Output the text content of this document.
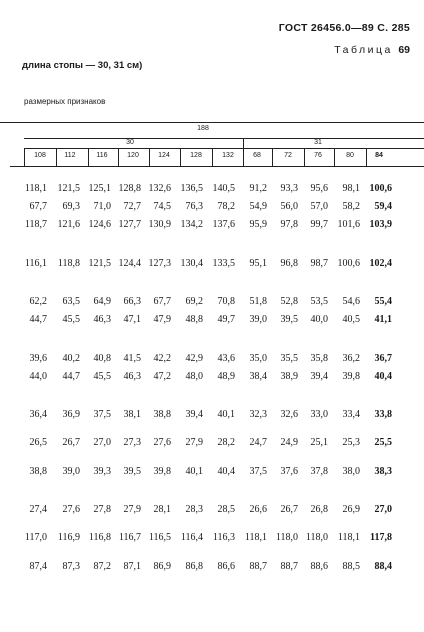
ГОСТ 26456.0—89 С. 285
Таблица 69
длина стопы — 30, 31 см)
размерных признаков
188
30	31
108	112	116	120	124	128	132	68	72	76	80	84
118,1	121,5 125,1 128,8 132,6 136,5 140,5	91,2	93,3	95,6	98,1 100,6
67,7	69,3	71,0	72,7	74,5	76,3	78,2	54,9	56,0	57,0	58,2	59,4
118,7	121,6 124,6 127,7 130,9 134,2 137,6	95,9	97,8	99,7 101,6 103,9
116,1	118,8 121,5 124,4 127,3 130,4 133,5	95,1	96,8	98,7 100,6 102,4
62,2	63,5	64,9	66,3	67,7	69,2	70,8	51,8	52,8	53,5	54,6	55,4
44,7	45,5	46,3	47,1	47,9	48,8	49,7	39,0	39,5	40,0	40,5	41,1
39,6	40,2	40,8	41,5	42,2	42,9	43,6	35,0	35,5	35,8	36,2	36,7
44,0	44,7	45,5	46,3	47,2	48,0	48,9	38,4	38,9	39,4	39,8	40,4
36,4	36,9	37,5	38,1	38,8	39,4	40,1	32,3	32,6	33,0	33,4	33,8
26,5	26,7	27,0	27,3	27,6	27,9	28,2	24,7	24,9	25,1	25,3	25,5
38,8	39,0	39,3	39,5	39,8	40,1	40,4	37,5	37,6	37,8	38,0	38,3
27,4	27,6	27,8	27,9	28,1	28,3	28,5	26,6	26,7	26,8	26,9	27,0
117,0	116,9 116,8 116,7 116,5 116,4 116,3 118,1 118,0 118,0 118,1	117,8
87,4	87,3	87,2	87,1	86,9	86,8	86,6	88,7	88,7	88,6	88,5	88,4
